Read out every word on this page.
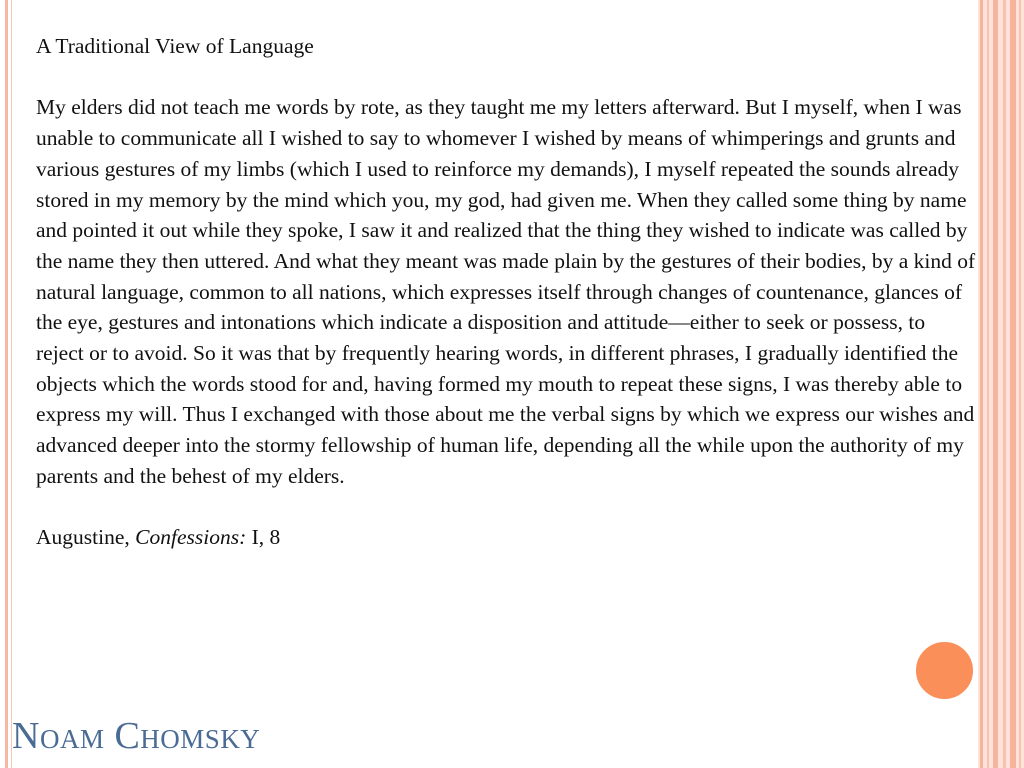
A Traditional View of Language

My elders did not teach me words by rote, as they taught me my letters afterward. But I myself, when I was unable to communicate all I wished to say to whomever I wished by means of whimperings and grunts and various gestures of my limbs (which I used to reinforce my demands), I myself repeated the sounds already stored in my memory by the mind which you, my god, had given me. When they called some thing by name and pointed it out while they spoke, I saw it and realized that the thing they wished to indicate was called by the name they then uttered. And what they meant was made plain by the gestures of their bodies, by a kind of natural language, common to all nations, which expresses itself through changes of countenance, glances of the eye, gestures and intonations which indicate a disposition and attitude—either to seek or possess, to reject or to avoid. So it was that by frequently hearing words, in different phrases, I gradually identified the objects which the words stood for and, having formed my mouth to repeat these signs, I was thereby able to express my will. Thus I exchanged with those about me the verbal signs by which we express our wishes and advanced deeper into the stormy fellowship of human life, depending all the while upon the authority of my parents and the behest of my elders.

Augustine, Confessions: I, 8

Noam Chomsky
